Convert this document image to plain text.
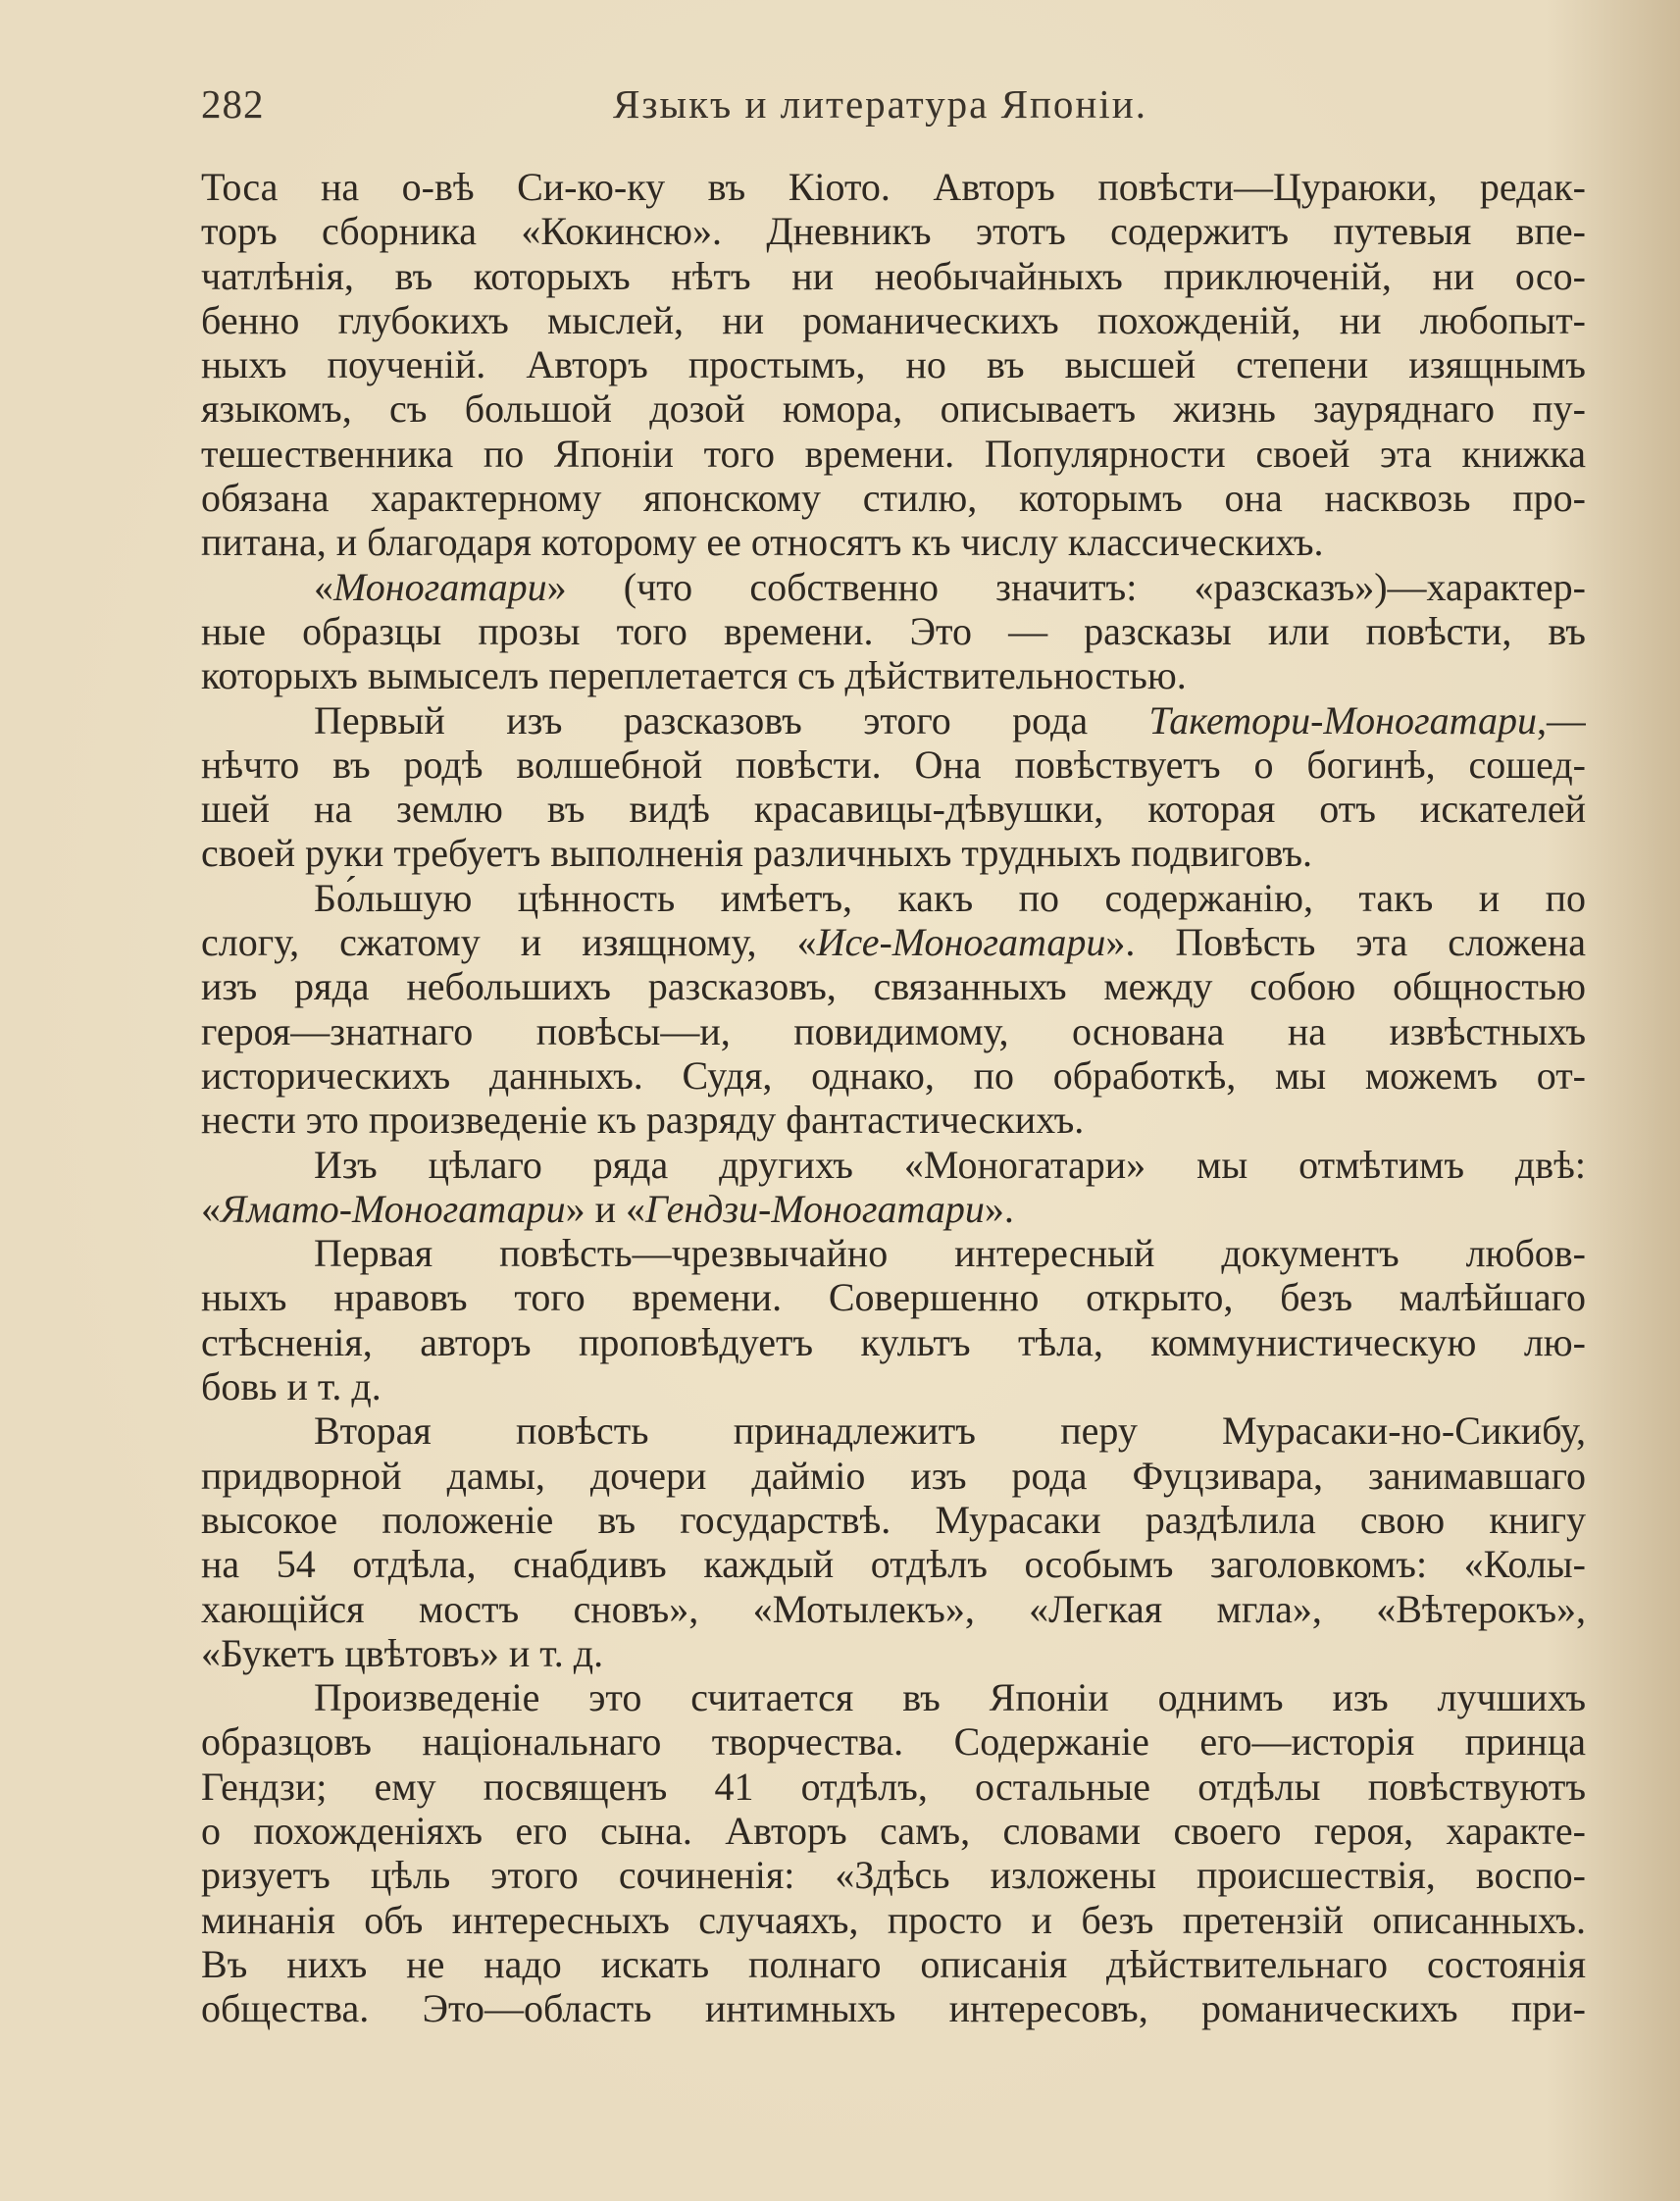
282	Языкъ и литература Японіи.
Тоса на о-вѣ Си-ко-ку въ Кіото. Авторъ повѣсти—Цураюки, редак-
торъ сборника «Кокинсю». Дневникъ этотъ содержитъ путевыя впе-
чатлѣнія, въ которыхъ нѣтъ ни необычайныхъ приключеній, ни осо-
бенно глубокихъ мыслей, ни романическихъ похожденій, ни любопыт-
ныхъ поученій. Авторъ простымъ, но въ высшей степени изящнымъ
языкомъ, съ большой дозой юмора, описываетъ жизнь зауряднаго пу-
тешественника по Японіи того времени. Популярности своей эта книжка
обязана характерному японскому стилю, которымъ она насквозь про-
питана, и благодаря которому ее относятъ къ числу классическихъ.
«Моногатари» (что собственно значитъ: «разсказъ»)—характер-
ные образцы прозы того времени. Это — разсказы или повѣсти, въ
которыхъ вымыселъ переплетается съ дѣйствительностью.
Первый изъ разсказовъ этого рода Такетори-Моногатари,—
нѣчто въ родѣ волшебной повѣсти. Она повѣствуетъ о богинѣ, сошед-
шей на землю въ видѣ красавицы-дѣвушки, которая отъ искателей
своей руки требуетъ выполненія различныхъ трудныхъ подвиговъ.
Бо́льшую цѣнность имѣетъ, какъ по содержанію, такъ и по
слогу, сжатому и изящному, «Исе-Моногатари». Повѣсть эта сложена
изъ ряда небольшихъ разсказовъ, связанныхъ между собою общностью
героя—знатнаго повѣсы—и, повидимому, основана на извѣстныхъ
историческихъ данныхъ. Судя, однако, по обработкѣ, мы можемъ от-
нести это произведеніе къ разряду фантастическихъ.
Изъ цѣлаго ряда другихъ «Моногатари» мы отмѣтимъ двѣ:
«Ямато-Моногатари» и «Гендзи-Моногатари».
Первая повѣсть—чрезвычайно интересный документъ любов-
ныхъ нравовъ того времени. Совершенно открыто, безъ малѣйшаго
стѣсненія, авторъ проповѣдуетъ культъ тѣла, коммунистическую лю-
бовь и т. д.
Вторая повѣсть принадлежитъ перу Мурасаки-но-Сикибу,
придворной дамы, дочери дайміо изъ рода Фуцзивара, занимавшаго
высокое положеніе въ государствѣ. Мурасаки раздѣлила свою книгу
на 54 отдѣла, снабдивъ каждый отдѣлъ особымъ заголовкомъ: «Колы-
хающійся мостъ сновъ», «Мотылекъ», «Легкая мгла», «Вѣтерокъ»,
«Букетъ цвѣтовъ» и т. д.
Произведеніе это считается въ Японіи однимъ изъ лучшихъ
образцовъ національнаго творчества. Содержаніе его—исторія принца
Гендзи; ему посвященъ 41 отдѣлъ, остальные отдѣлы повѣствуютъ
о похожденіяхъ его сына. Авторъ самъ, словами своего героя, характе-
ризуетъ цѣль этого сочиненія: «Здѣсь изложены происшествія, воспо-
минанія объ интересныхъ случаяхъ, просто и безъ претензій описанныхъ.
Въ нихъ не надо искать полнаго описанія дѣйствительнаго состоянія
общества. Это—область интимныхъ интересовъ, романическихъ при-
